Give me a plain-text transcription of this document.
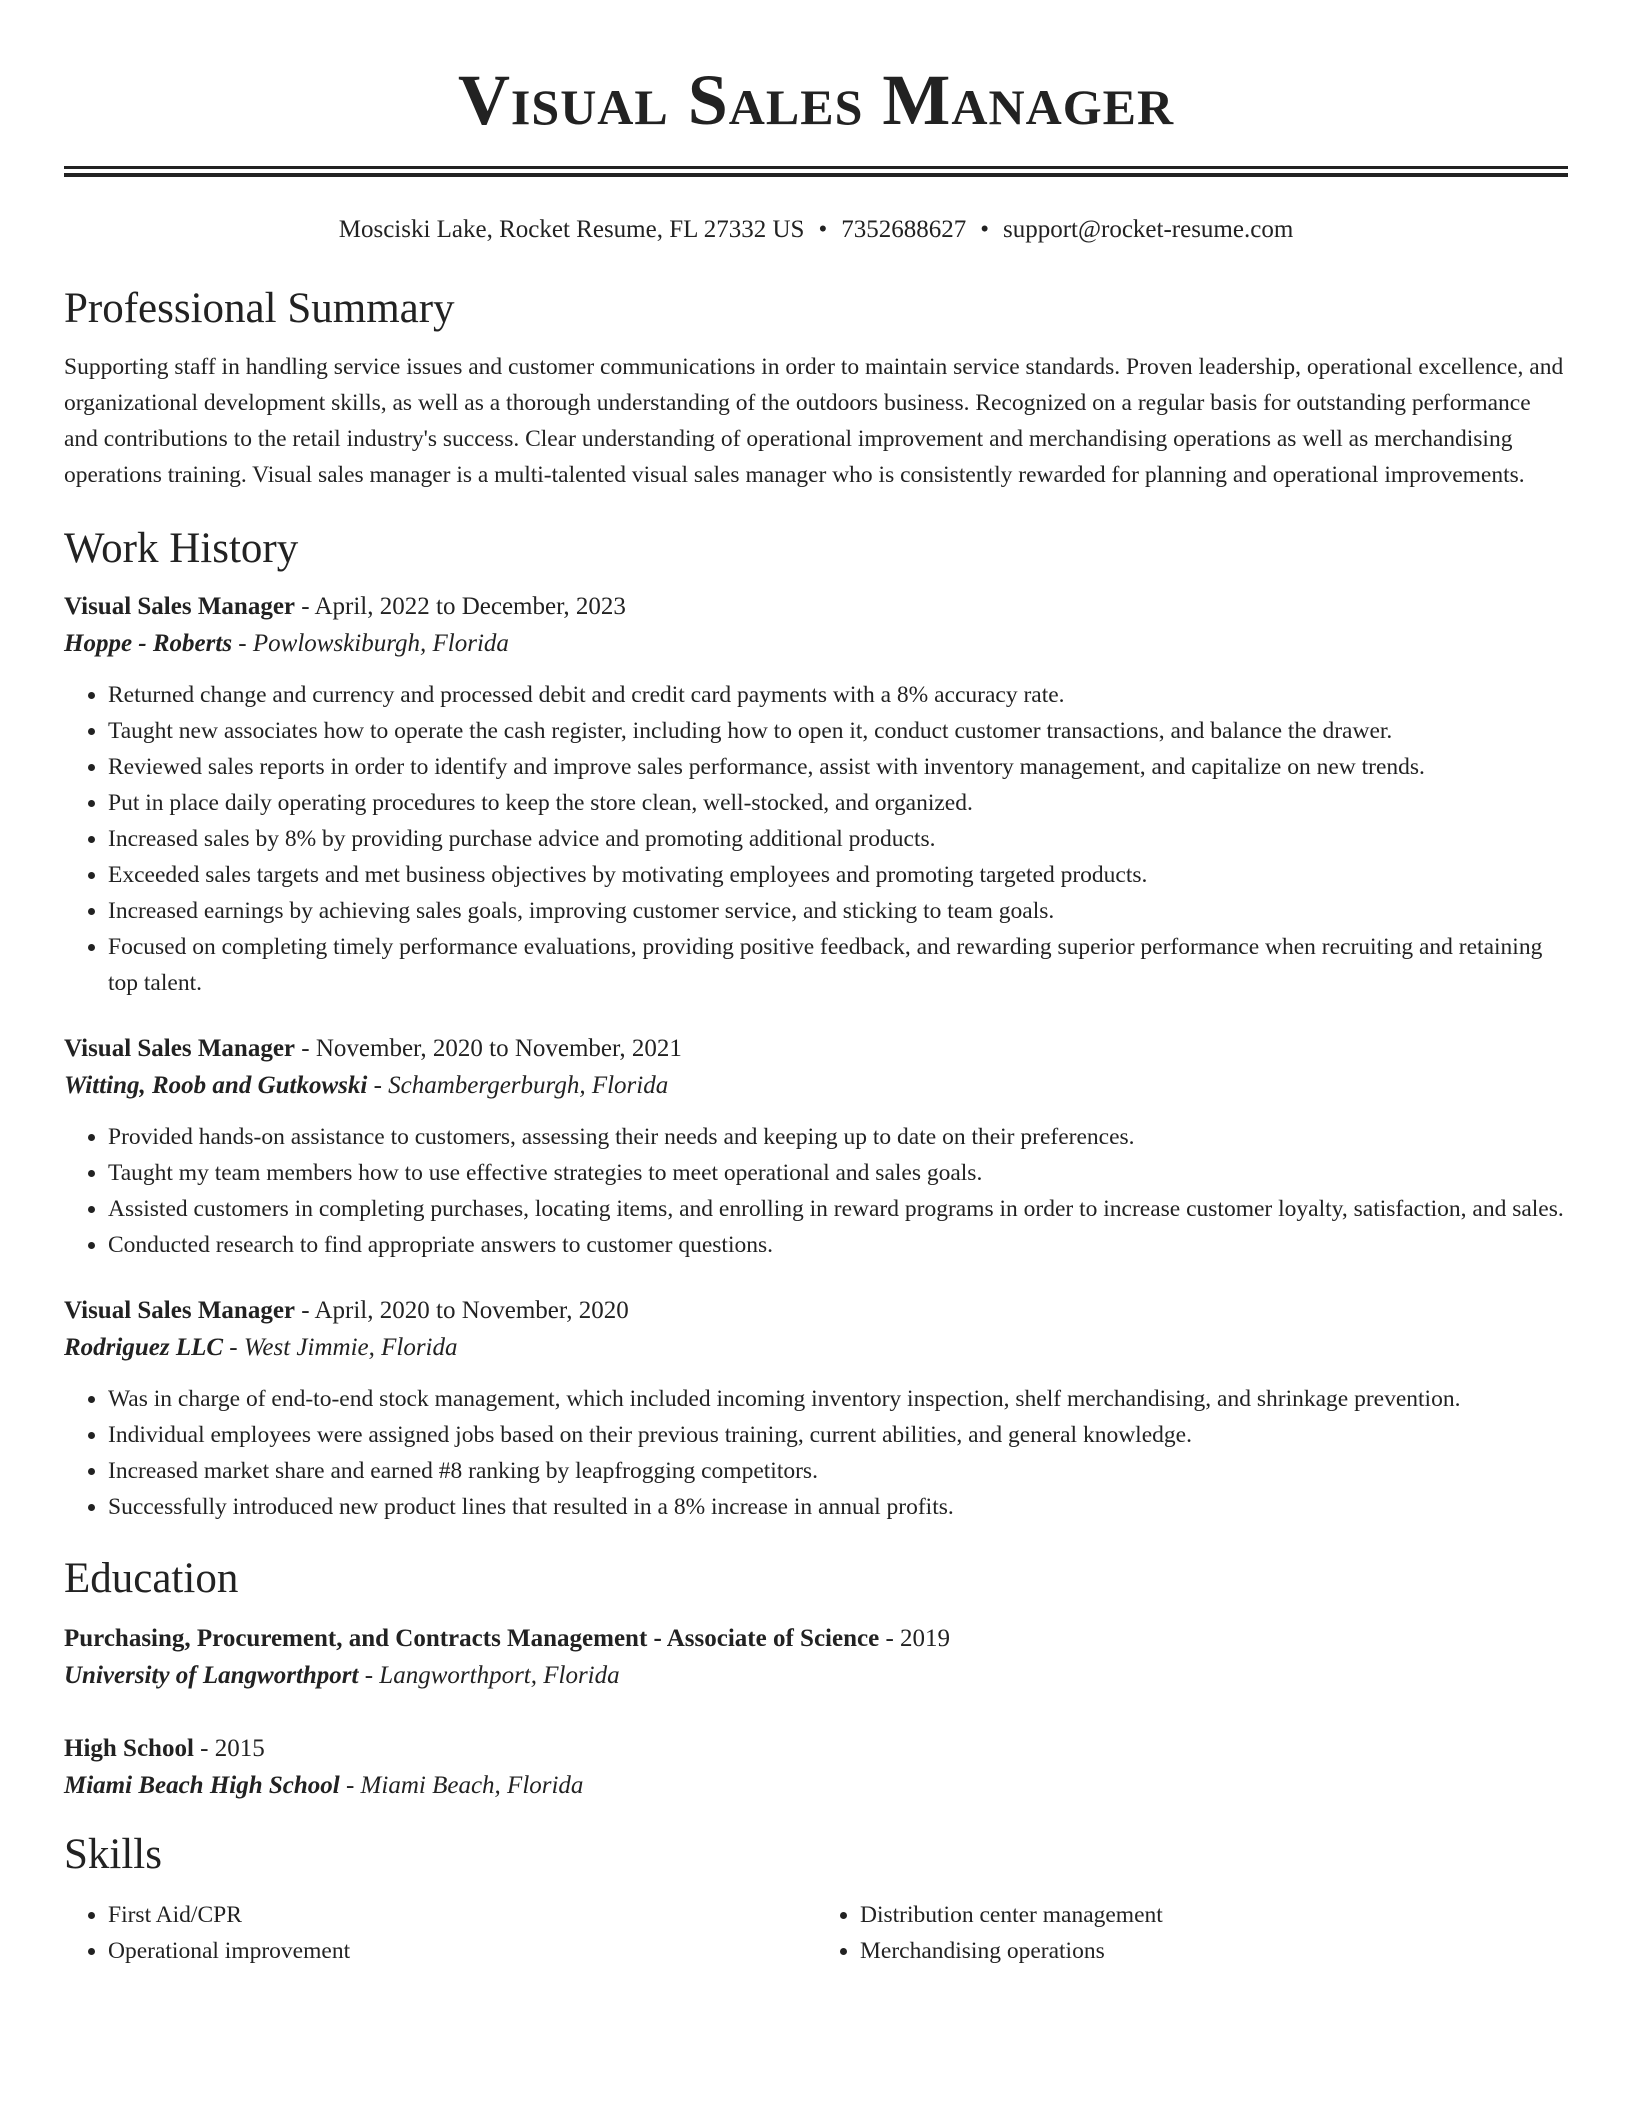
Visual Sales Manager
Mosciski Lake, Rocket Resume, FL 27332 US • 7352688627 • support@rocket-resume.com
Professional Summary

Supporting staff in handling service issues and customer communications in order to maintain service standards. Proven leadership, operational excellence, and organizational development skills, as well as a thorough understanding of the outdoors business. Recognized on a regular basis for outstanding performance and contributions to the retail industry's success. Clear understanding of operational improvement and merchandising operations as well as merchandising operations training. Visual sales manager is a multi-talented visual sales manager who is consistently rewarded for planning and operational improvements.

Work History
Visual Sales Manager - April, 2022 to December, 2023
Hoppe - Roberts - Powlowskiburgh, Florida
• Returned change and currency and processed debit and credit card payments with a 8% accuracy rate.
• Taught new associates how to operate the cash register, including how to open it, conduct customer transactions, and balance the drawer.
• Reviewed sales reports in order to identify and improve sales performance, assist with inventory management, and capitalize on new trends.
• Put in place daily operating procedures to keep the store clean, well-stocked, and organized.
• Increased sales by 8% by providing purchase advice and promoting additional products.
• Exceeded sales targets and met business objectives by motivating employees and promoting targeted products.
• Increased earnings by achieving sales goals, improving customer service, and sticking to team goals.
• Focused on completing timely performance evaluations, providing positive feedback, and rewarding superior performance when recruiting and retaining top talent.
Visual Sales Manager - November, 2020 to November, 2021
Witting, Roob and Gutkowski - Schambergerburgh, Florida
• Provided hands-on assistance to customers, assessing their needs and keeping up to date on their preferences.
• Taught my team members how to use effective strategies to meet operational and sales goals.
• Assisted customers in completing purchases, locating items, and enrolling in reward programs in order to increase customer loyalty, satisfaction, and sales.
• Conducted research to find appropriate answers to customer questions.
Visual Sales Manager - April, 2020 to November, 2020
Rodriguez LLC - West Jimmie, Florida
• Was in charge of end-to-end stock management, which included incoming inventory inspection, shelf merchandising, and shrinkage prevention.
• Individual employees were assigned jobs based on their previous training, current abilities, and general knowledge.
• Increased market share and earned #8 ranking by leapfrogging competitors.
• Successfully introduced new product lines that resulted in a 8% increase in annual profits.
Education
Purchasing, Procurement, and Contracts Management - Associate of Science - 2019
University of Langworthport - Langworthport, Florida
High School - 2015
Miami Beach High School - Miami Beach, Florida
Skills
• First Aid/CPR
• Operational improvement
• Distribution center management
• Merchandising operations
